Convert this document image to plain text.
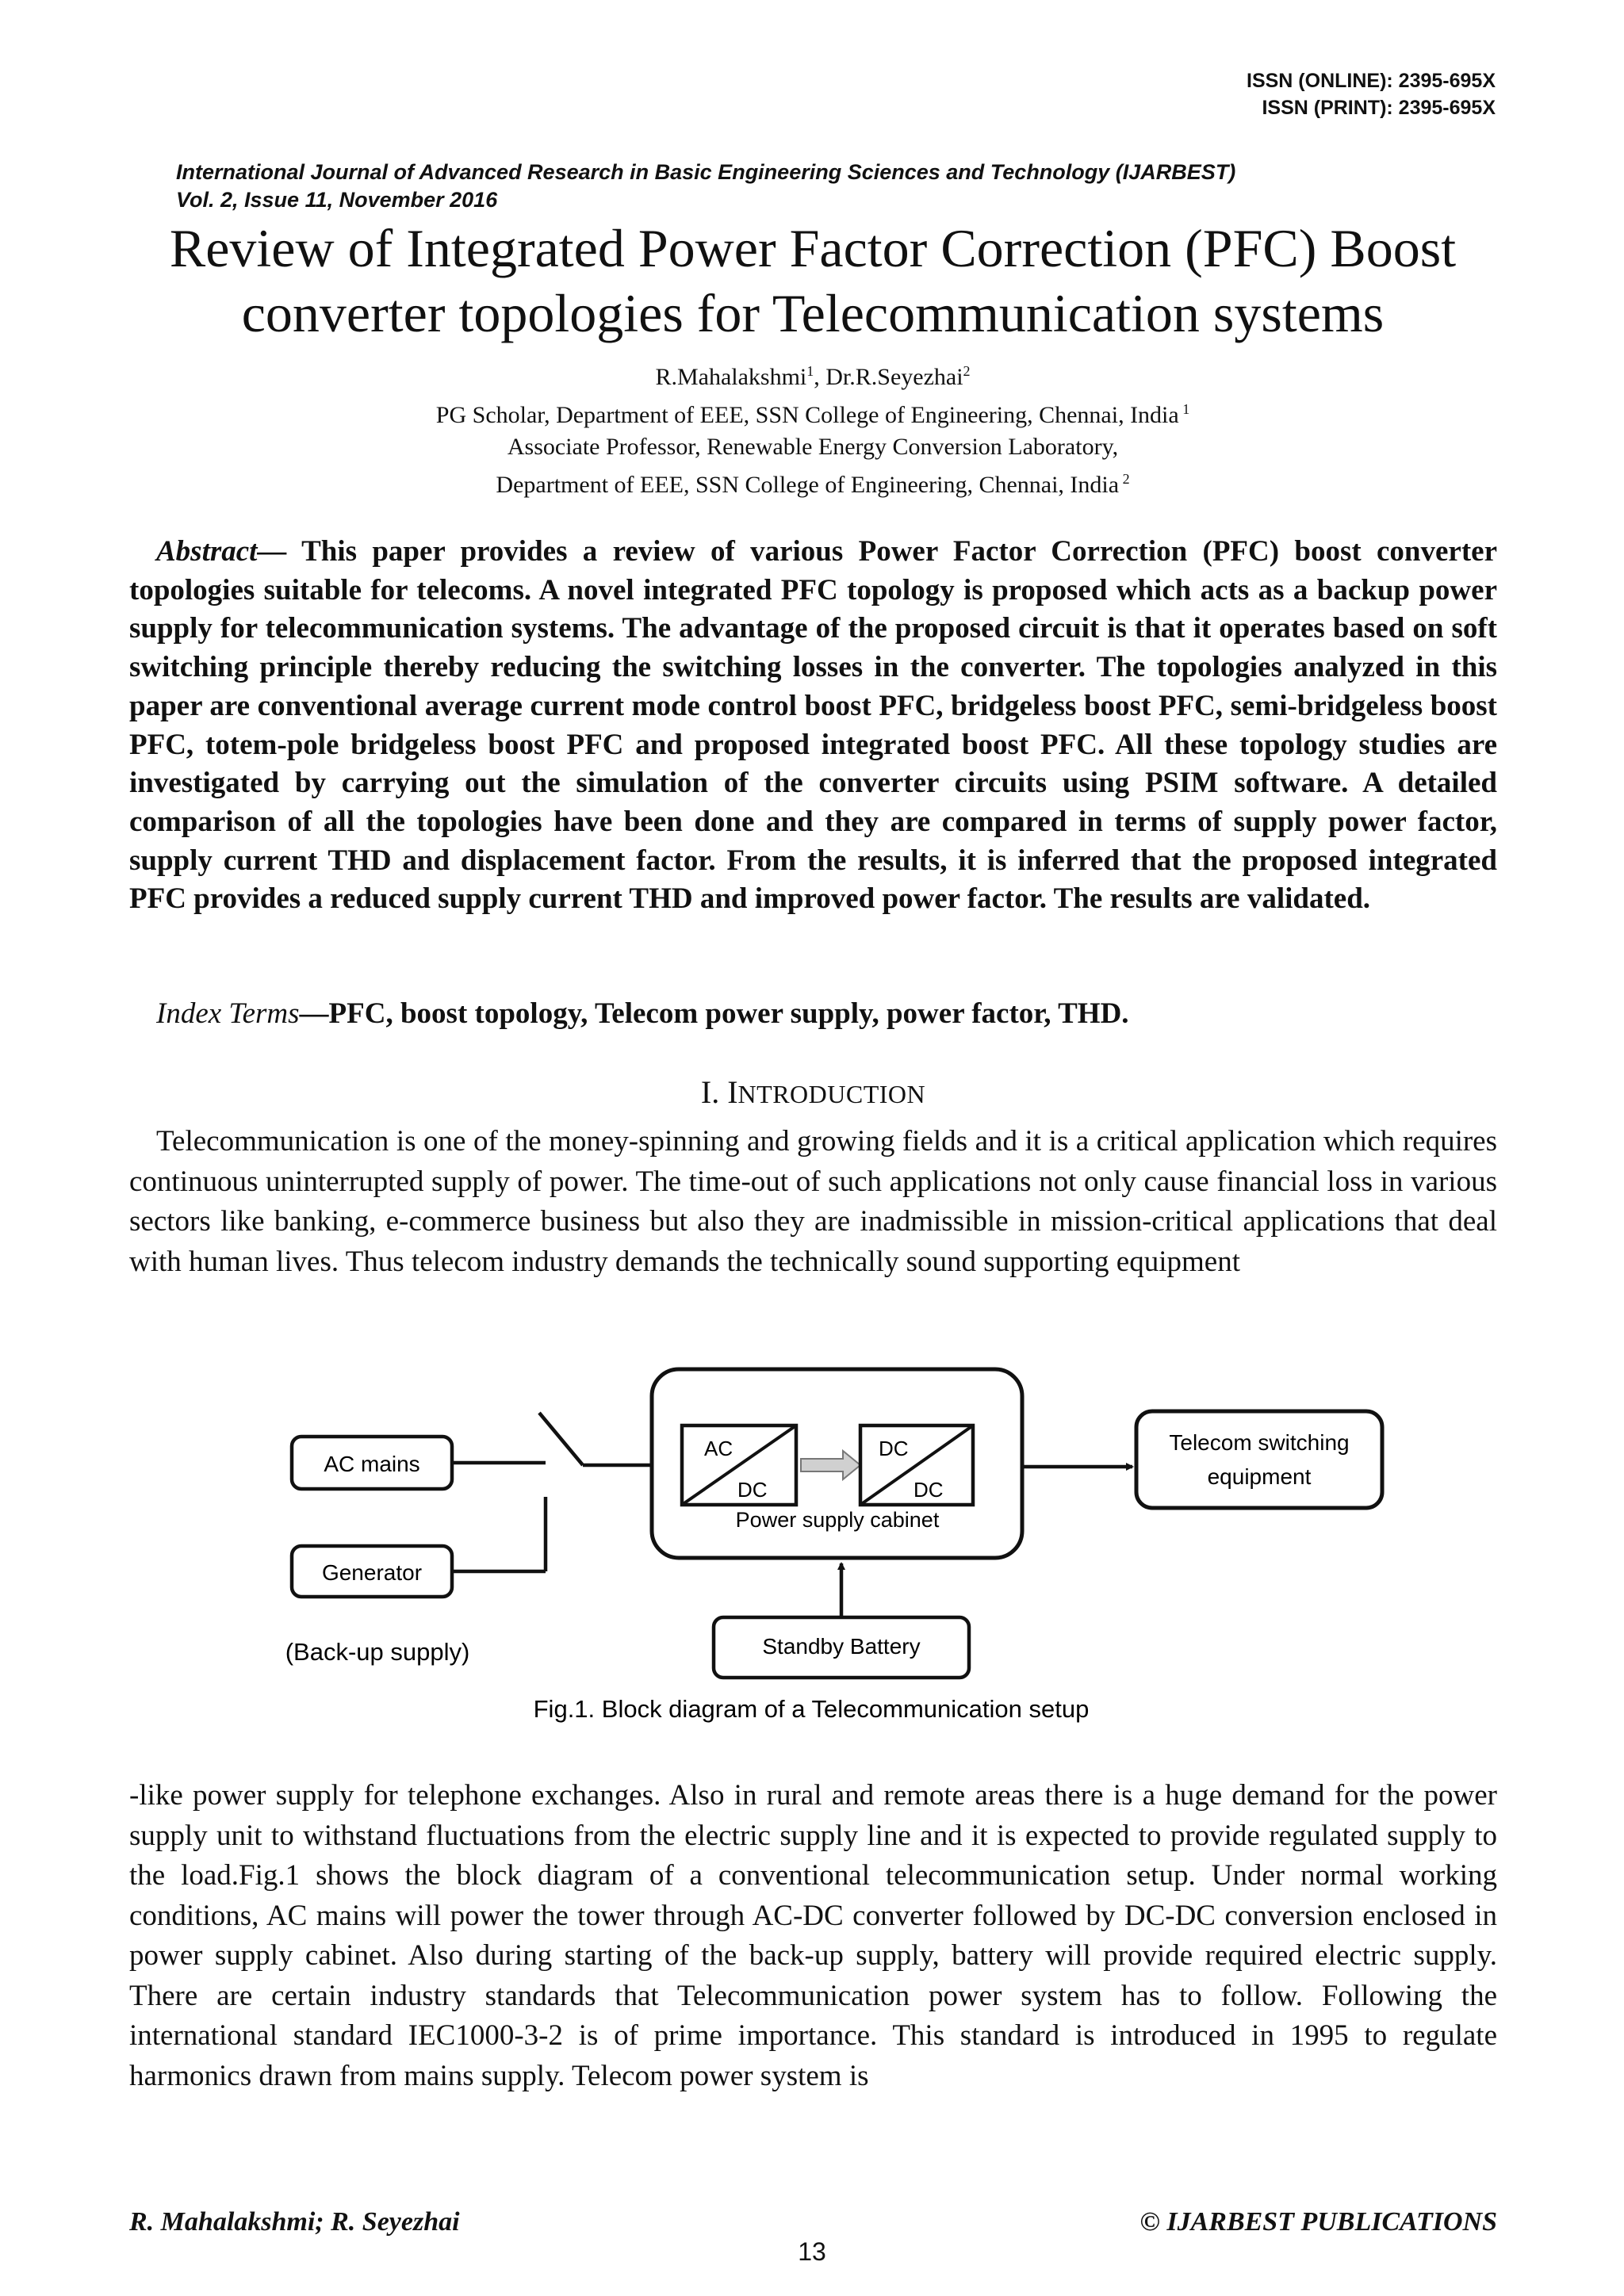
ISSN (ONLINE): 2395-695X
ISSN (PRINT): 2395-695X
International Journal of Advanced Research in Basic Engineering Sciences and Technology (IJARBEST)
Vol. 2, Issue 11, November 2016
Review of Integrated Power Factor Correction (PFC) Boost
converter topologies for Telecommunication systems
R.Mahalakshmi$^1$, Dr.R.Seyezhai$^2$
PG Scholar, Department of EEE, SSN College of Engineering, Chennai, India $^1$
Associate Professor, Renewable Energy Conversion Laboratory,
Department of EEE, SSN College of Engineering, Chennai, India $^2$
Abstract— This paper provides a review of various Power Factor Correction (PFC) boost converter topologies suitable for telecoms. A novel integrated PFC topology is proposed which acts as a backup power supply for telecommunication systems. The advantage of the proposed circuit is that it operates based on soft switching principle thereby reducing the switching losses in the converter. The topologies analyzed in this paper are conventional average current mode control boost PFC, bridgeless boost PFC, semi-bridgeless boost PFC, totem-pole bridgeless boost PFC and proposed integrated boost PFC. All these topology studies are investigated by carrying out the simulation of the converter circuits using PSIM software. A detailed comparison of all the topologies have been done and they are compared in terms of supply power factor, supply current THD and displacement factor. From the results, it is inferred that the proposed integrated PFC provides a reduced supply current THD and improved power factor. The results are validated.
Index Terms—PFC, boost topology, Telecom power supply, power factor, THD.
I. INTRODUCTION
Telecommunication is one of the money-spinning and growing fields and it is a critical application which requires continuous uninterrupted supply of power. The time-out of such applications not only cause financial loss in various sectors like banking, e-commerce business but also they are inadmissible in mission-critical applications that deal with human lives. Thus telecom industry demands the technically sound supporting equipment
AC mains
Generator
(Back-up supply)
AC
DC
DC
DC
Power supply cabinet
Telecom switching
equipment
Standby Battery
Fig.1. Block diagram of a Telecommunication setup
-like power supply for telephone exchanges. Also in rural and remote areas there is a huge demand for the power supply unit to withstand fluctuations from the electric supply line and it is expected to provide regulated supply to the load.Fig.1 shows the block diagram of a conventional telecommunication setup. Under normal working conditions, AC mains will power the tower through AC-DC converter followed by DC-DC conversion enclosed in power supply cabinet. Also during starting of the back-up supply, battery will provide required electric supply. There are certain industry standards that Telecommunication power system has to follow. Following the international standard IEC1000-3-2 is of prime importance. This standard is introduced in 1995 to regulate harmonics drawn from mains supply. Telecom power system is
R. Mahalakshmi; R. Seyezhai	© IJARBEST PUBLICATIONS
13
